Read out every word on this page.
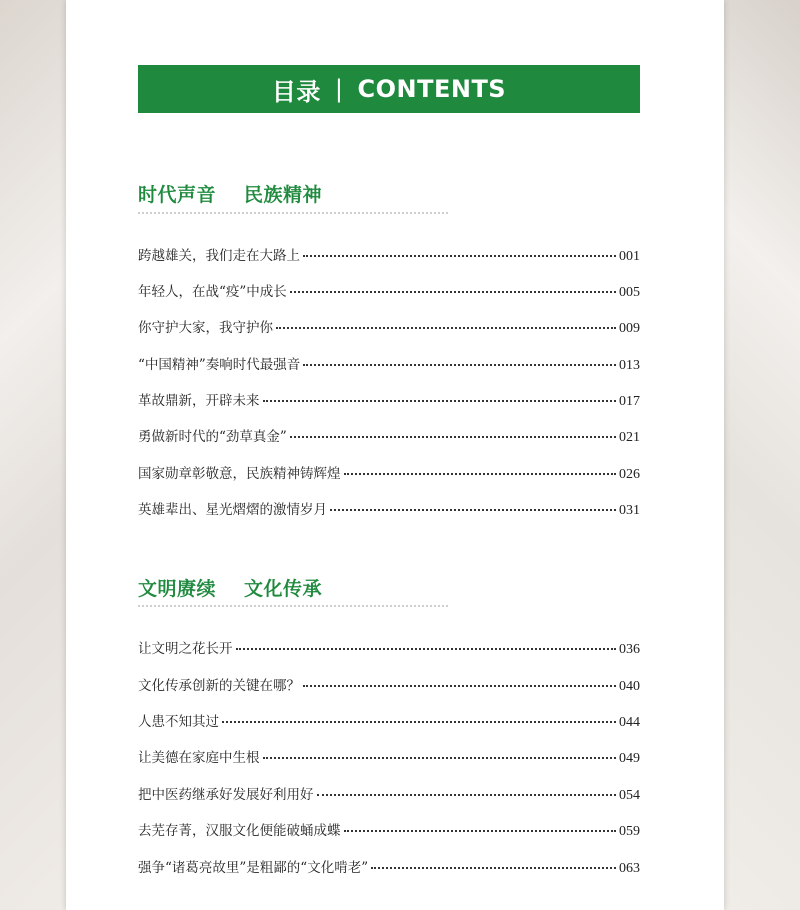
目录 | CONTENTS
时代声音 民族精神
跨越雄关，我们走在大路上	001
年轻人，在战“疫”中成长	005
你守护大家，我守护你	009
“中国精神”奏响时代最强音	013
革故鼎新，开辟未来	017
勇做新时代的“劲草真金”	021
国家勋章彰敬意，民族精神铸辉煌	026
英雄辈出、星光熠熠的激情岁月	031
文明赓续 文化传承
让文明之花长开	036
文化传承创新的关键在哪？	040
人患不知其过	044
让美德在家庭中生根	049
把中医药继承好发展好利用好	054
去芜存菁，汉服文化便能破蛹成蝶	059
强争“诸葛亮故里”是粗鄙的“文化啃老”	063
